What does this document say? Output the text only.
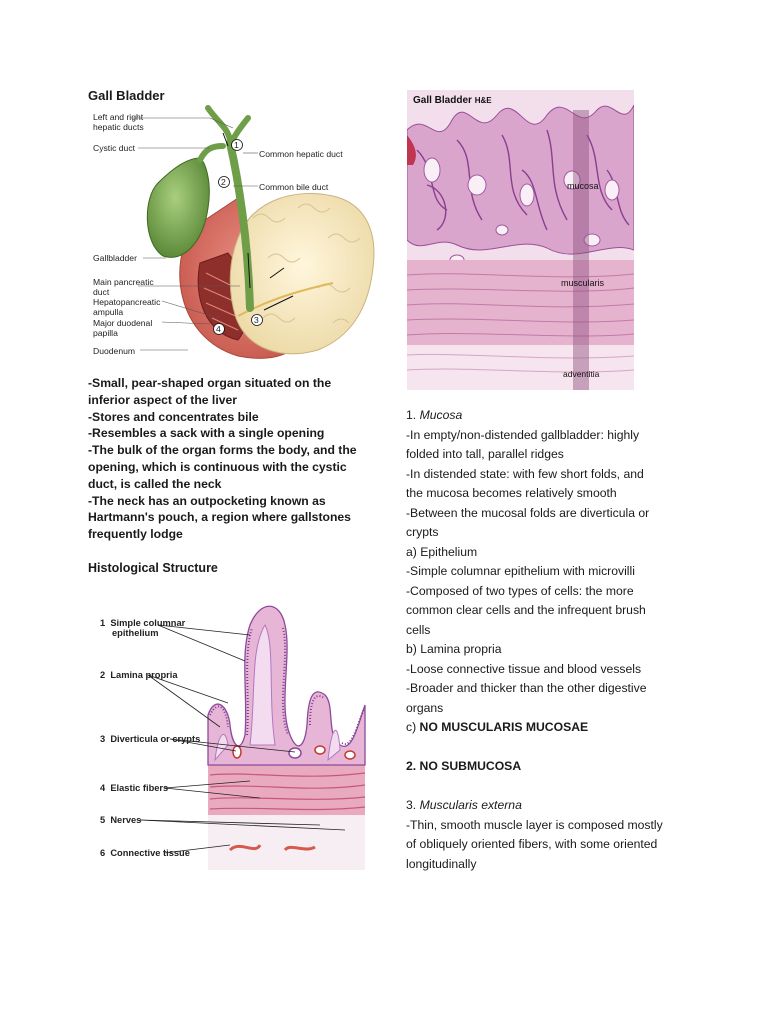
Gall Bladder
1
2
3
4
Left and right
hepatic ducts
Cystic duct
Common hepatic duct
Common bile duct
Gallbladder
Main pancreatic
duct
Hepatopancreatic
ampulla
Major duodenal
papilla
Duodenum
-Small, pear-shaped organ situated on the
inferior aspect of the liver
-Stores and concentrates bile
-Resembles a sack with a single opening
-The bulk of the organ forms the body, and the
opening, which is continuous with the cystic
duct, is called the neck
-The neck has an outpocketing known as
Hartmann's pouch, a region where gallstones
frequently lodge
Histological Structure
1 Simple columnar
epithelium
2 Lamina propria
3 Diverticula or crypts
4 Elastic fibers
5 Nerves
6 Connective tissue
Gall Bladder H&E
mucosa
muscularis
adventitia
1. Mucosa
-In empty/non-distended gallbladder: highly
folded into tall, parallel ridges
-In distended state: with few short folds, and
the mucosa becomes relatively smooth
-Between the mucosal folds are diverticula or
crypts
a) Epithelium
-Simple columnar epithelium with microvilli
-Composed of two types of cells: the more
common clear cells and the infrequent brush
cells
b) Lamina propria
-Loose connective tissue and blood vessels
-Broader and thicker than the other digestive
organs
c) NO MUSCULARIS MUCOSAE
2. NO SUBMUCOSA
3. Muscularis externa
-Thin, smooth muscle layer is composed mostly
of obliquely oriented fibers, with some oriented
longitudinally
